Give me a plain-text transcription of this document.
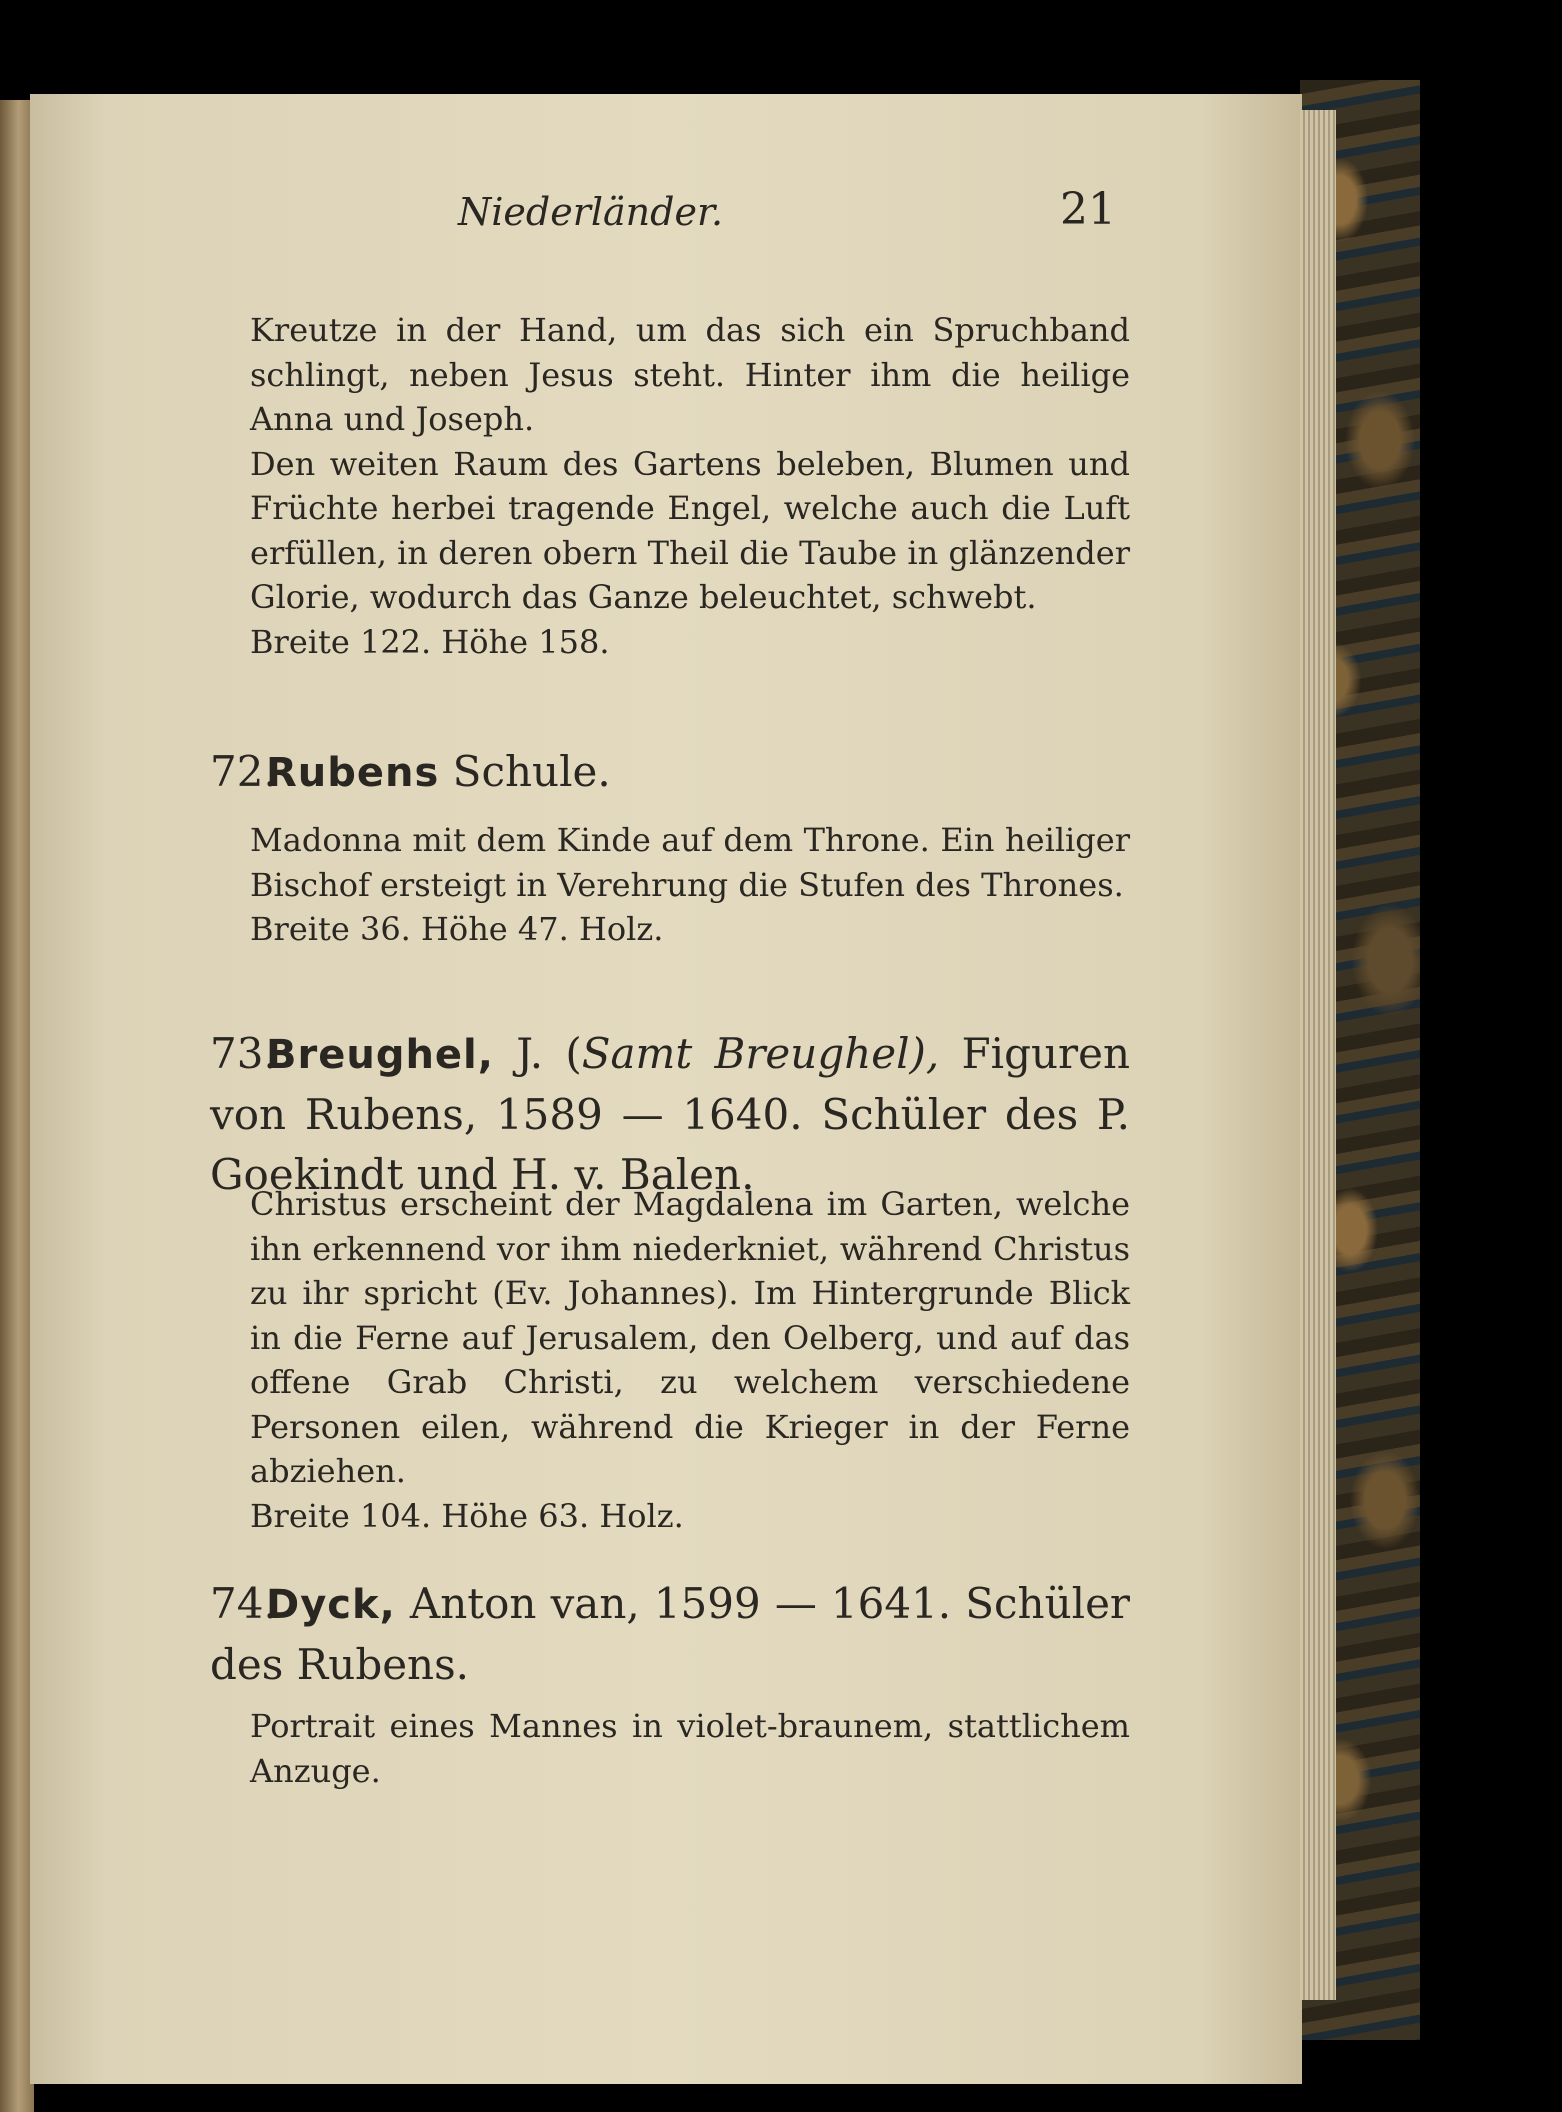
Niederländer.	21

Kreutze in der Hand, um das sich ein Spruchband schlingt, neben Jesus steht. Hinter ihm die heilige Anna und Joseph.

Den weiten Raum des Gartens beleben, Blumen und Früchte herbei tragende Engel, welche auch die Luft erfüllen, in deren obern Theil die Taube in glänzender Glorie, wodurch das Ganze beleuchtet, schwebt.

Breite 122. Höhe 158.

72.Rubens Schule.

Madonna mit dem Kinde auf dem Throne. Ein heiliger Bischof ersteigt in Verehrung die Stufen des Thrones.

Breite 36. Höhe 47. Holz.

73.Breughel, J. (Samt Breughel), Figuren von Rubens, 1589 — 1640. Schüler des P. Goekindt und H. v. Balen.

Christus erscheint der Magdalena im Garten, welche ihn erkennend vor ihm niederkniet, während Christus zu ihr spricht (Ev. Johannes). Im Hintergrunde Blick in die Ferne auf Jerusalem, den Oelberg, und auf das offene Grab Christi, zu welchem verschiedene Personen eilen, während die Krieger in der Ferne abziehen.

Breite 104. Höhe 63. Holz.

74.Dyck, Anton van, 1599 — 1641. Schüler des Rubens.

Portrait eines Mannes in violet-braunem, stattlichem Anzuge.
